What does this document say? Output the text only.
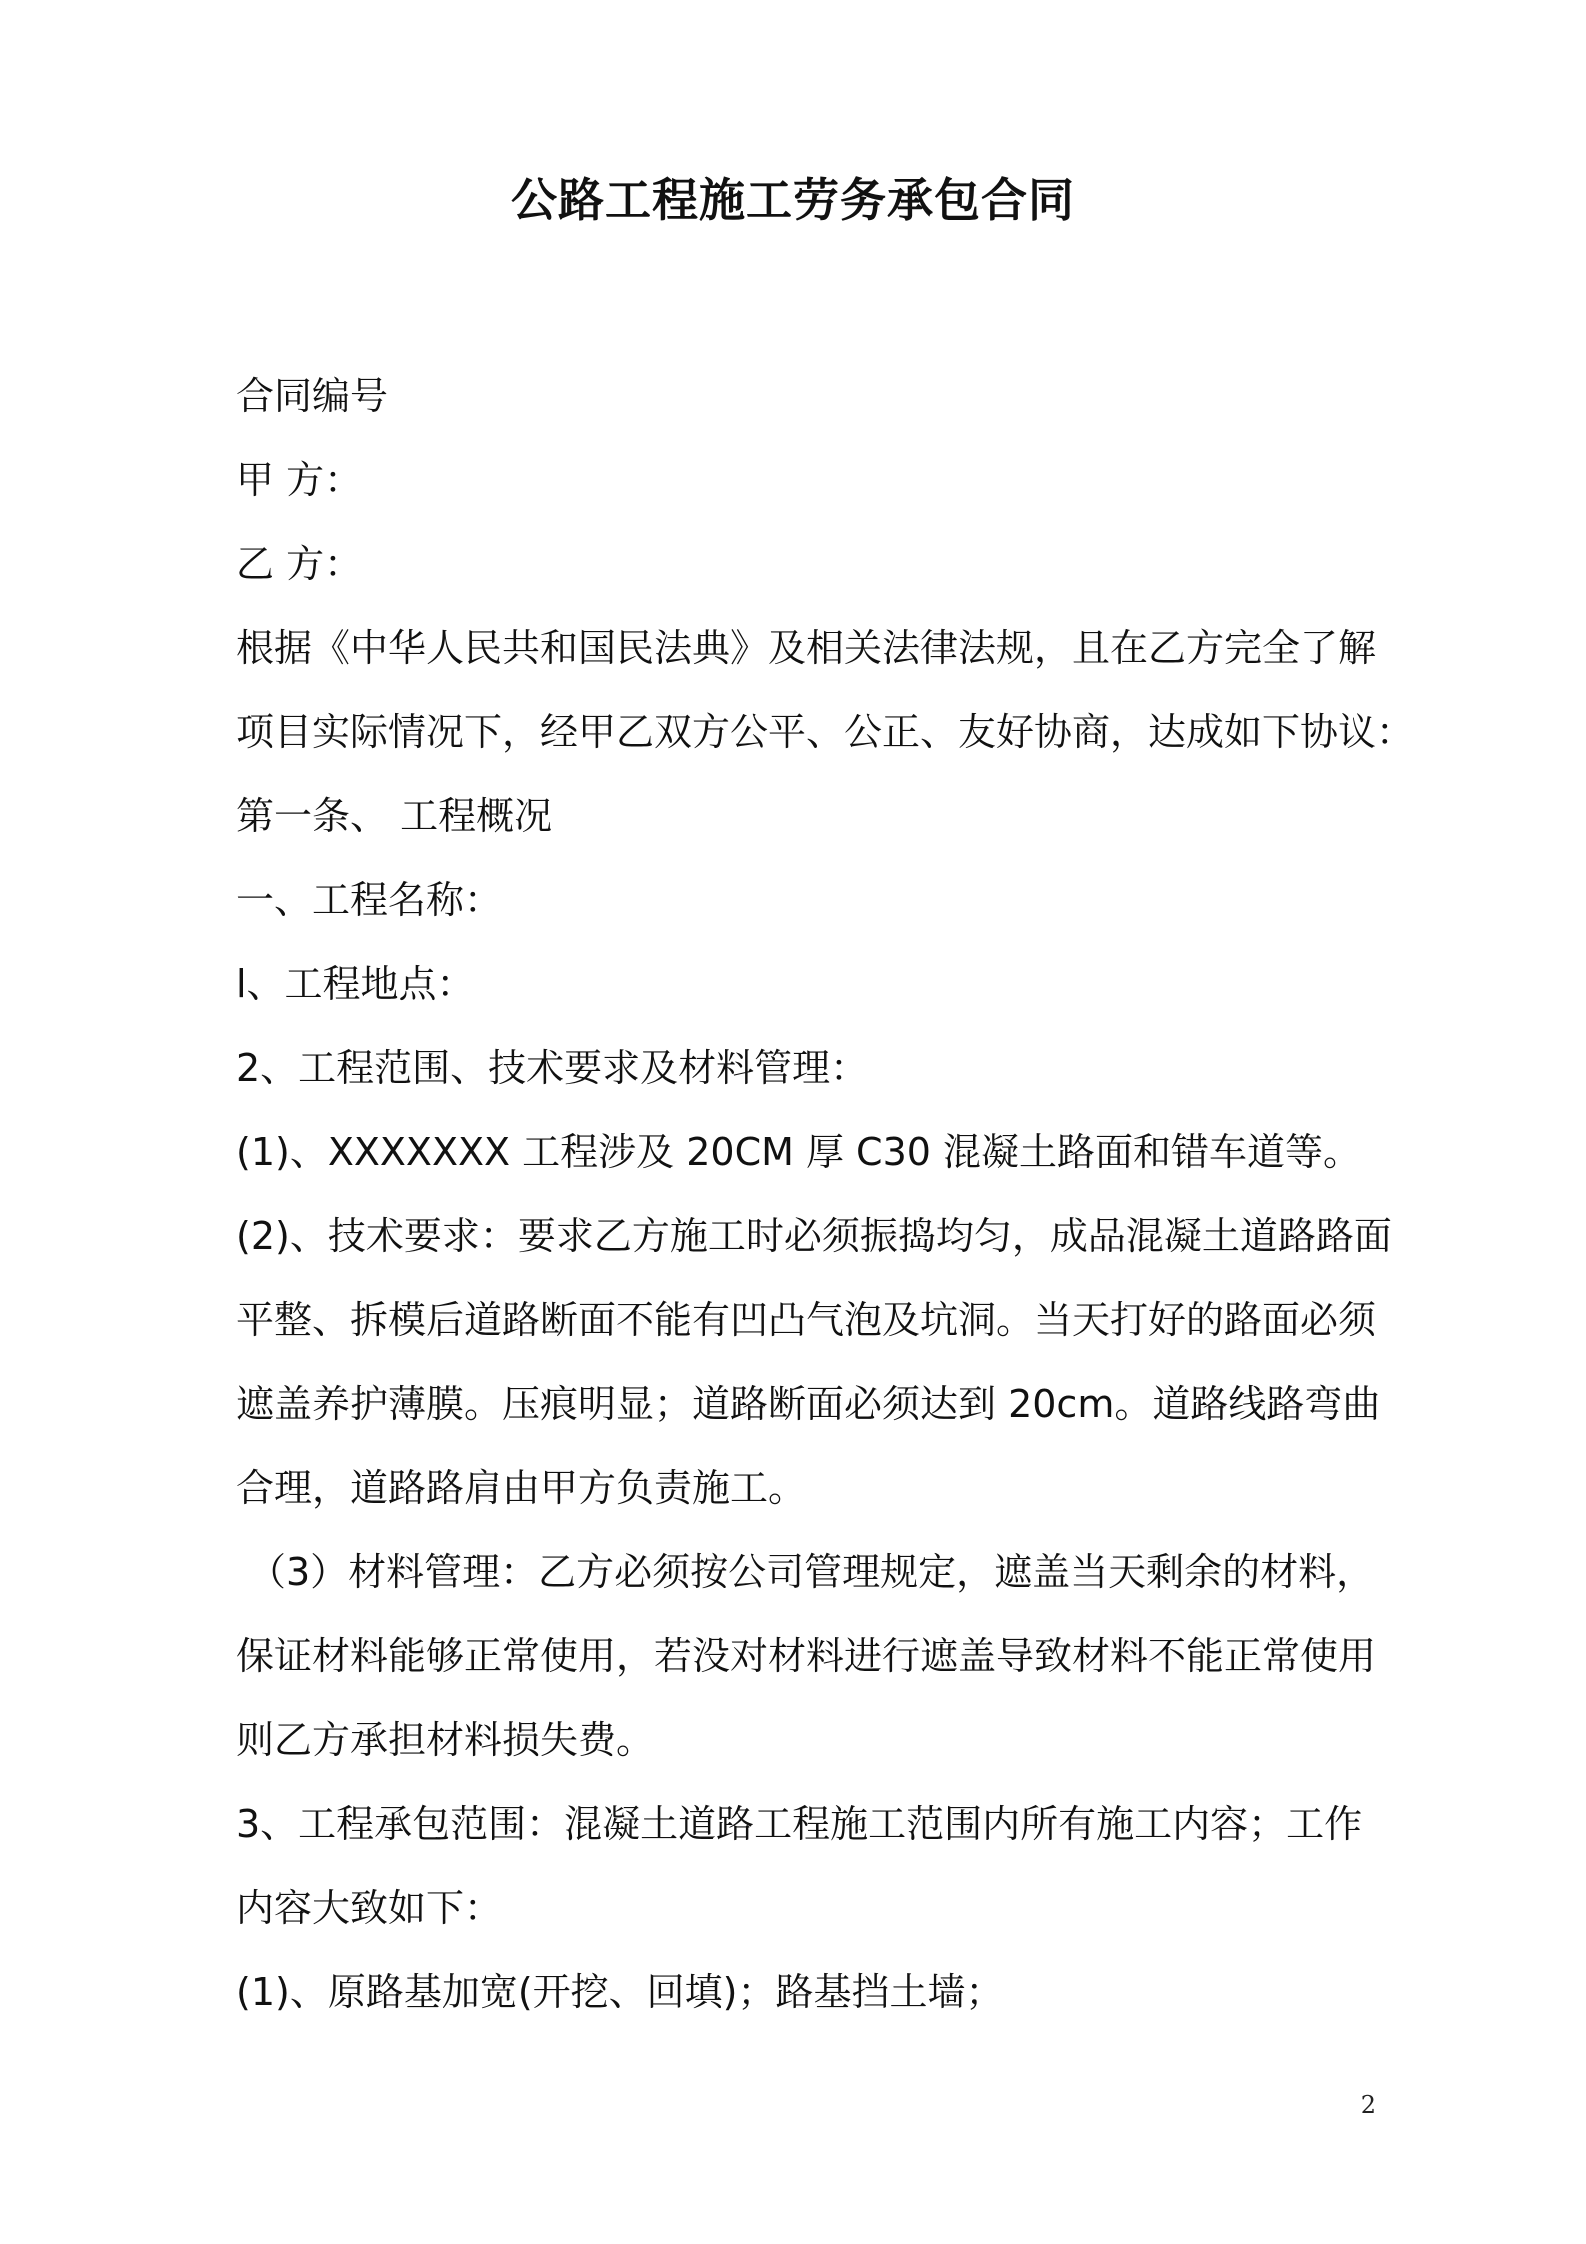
公路工程施工劳务承包合同
合同编号
甲 方：
乙 方：
根据《中华人民共和国民法典》及相关法律法规，且在乙方完全了解
项目实际情况下，经甲乙双方公平、公正、友好协商，达成如下协议：
第一条、 工程概况
一、工程名称：
l、工程地点：
2、工程范围、技术要求及材料管理：
(1)、XXXXXXX 工程涉及 20CM 厚 C30 混凝土路面和错车道等。
(2)、技术要求：要求乙方施工时必须振捣均匀，成品混凝土道路路面
平整、拆模后道路断面不能有凹凸气泡及坑洞。当天打好的路面必须
遮盖养护薄膜。压痕明显；道路断面必须达到 20cm。道路线路弯曲
合理，道路路肩由甲方负责施工。
（3）材料管理：乙方必须按公司管理规定，遮盖当天剩余的材料，
保证材料能够正常使用，若没对材料进行遮盖导致材料不能正常使用
则乙方承担材料损失费。
3、工程承包范围：混凝土道路工程施工范围内所有施工内容；工作
内容大致如下：
(1)、原路基加宽(开挖、回填)；路基挡土墙；
2
